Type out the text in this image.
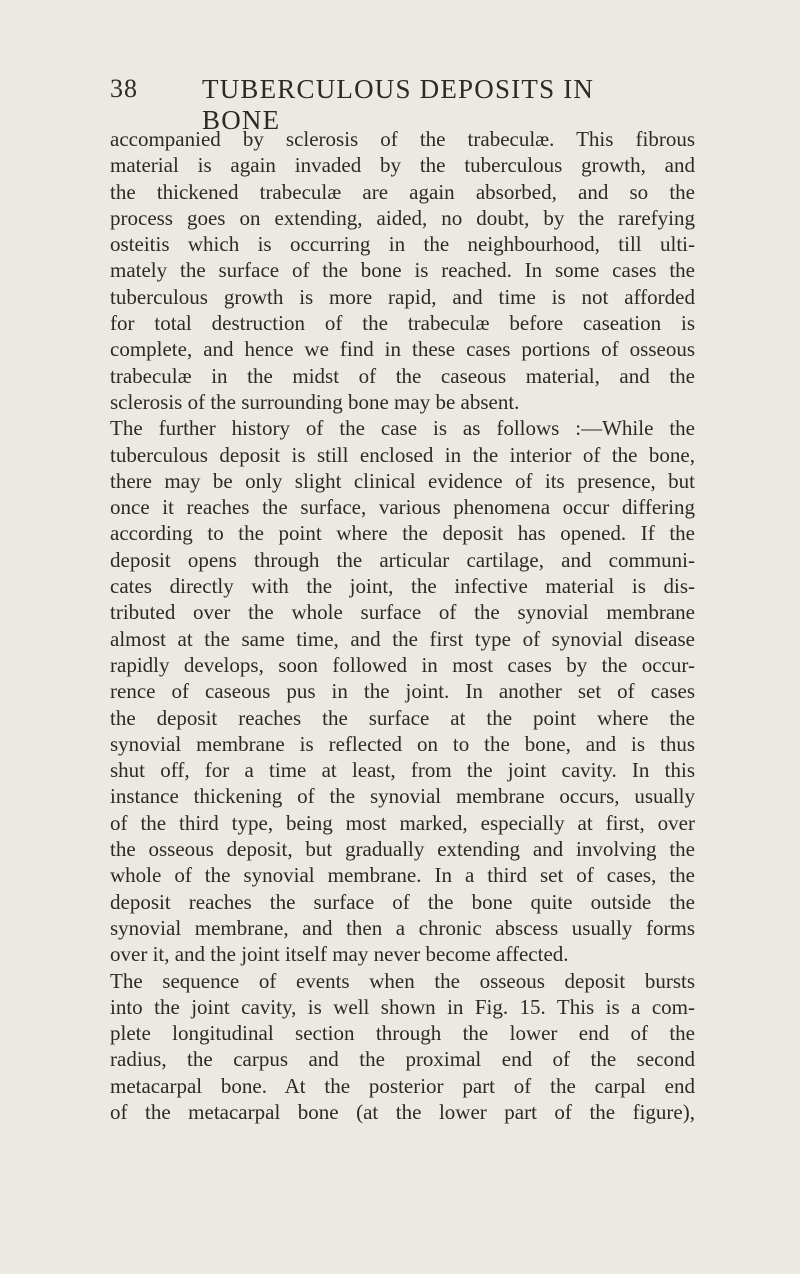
38 TUBERCULOUS DEPOSITS IN BONE
accompanied by sclerosis of the trabeculæ. This fibrous
material is again invaded by the tuberculous growth, and
the thickened trabeculæ are again absorbed, and so the
process goes on extending, aided, no doubt, by the rarefying
osteitis which is occurring in the neighbourhood, till ulti-
mately the surface of the bone is reached. In some cases the
tuberculous growth is more rapid, and time is not afforded
for total destruction of the trabeculæ before caseation is
complete, and hence we find in these cases portions of osseous
trabeculæ in the midst of the caseous material, and the
sclerosis of the surrounding bone may be absent.
The further history of the case is as follows :—While the
tuberculous deposit is still enclosed in the interior of the bone,
there may be only slight clinical evidence of its presence, but
once it reaches the surface, various phenomena occur differing
according to the point where the deposit has opened. If the
deposit opens through the articular cartilage, and communi-
cates directly with the joint, the infective material is dis-
tributed over the whole surface of the synovial membrane
almost at the same time, and the first type of synovial disease
rapidly develops, soon followed in most cases by the occur-
rence of caseous pus in the joint. In another set of cases
the deposit reaches the surface at the point where the
synovial membrane is reflected on to the bone, and is thus
shut off, for a time at least, from the joint cavity. In this
instance thickening of the synovial membrane occurs, usually
of the third type, being most marked, especially at first, over
the osseous deposit, but gradually extending and involving the
whole of the synovial membrane. In a third set of cases, the
deposit reaches the surface of the bone quite outside the
synovial membrane, and then a chronic abscess usually forms
over it, and the joint itself may never become affected.
The sequence of events when the osseous deposit bursts
into the joint cavity, is well shown in Fig. 15. This is a com-
plete longitudinal section through the lower end of the
radius, the carpus and the proximal end of the second
metacarpal bone. At the posterior part of the carpal end
of the metacarpal bone (at the lower part of the figure),
